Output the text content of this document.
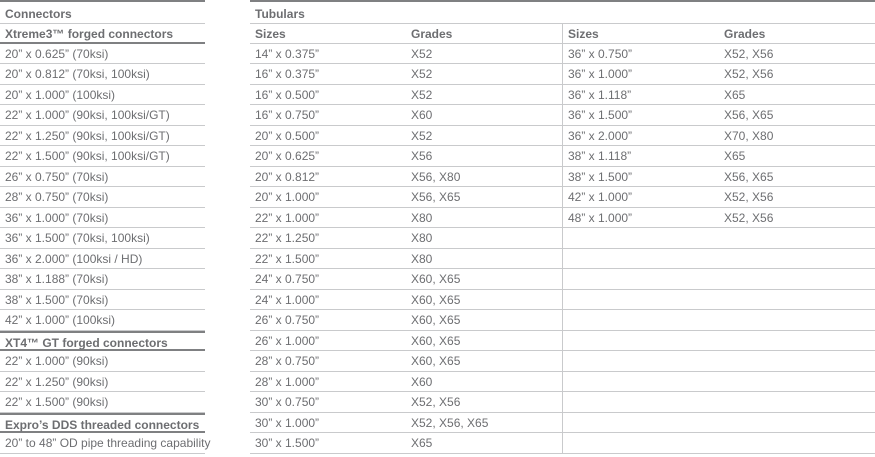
Connectors
Xtreme3™ forged connectors
20” x 0.625” (70ksi)
20” x 0.812” (70ksi, 100ksi)
20” x 1.000” (100ksi)
22” x 1.000” (90ksi, 100ksi/GT)
22” x 1.250” (90ksi, 100ksi/GT)
22” x 1.500” (90ksi, 100ksi/GT)
26” x 0.750” (70ksi)
28” x 0.750” (70ksi)
36” x 1.000” (70ksi)
36” x 1.500” (70ksi, 100ksi)
36” x 2.000” (100ksi / HD)
38” x 1.188” (70ksi)
38” x 1.500” (70ksi)
42” x 1.000” (100ksi)
XT4™ GT forged connectors
22” x 1.000” (90ksi)
22” x 1.250” (90ksi)
22” x 1.500” (90ksi)
Expro’s DDS threaded connectors
20” to 48” OD pipe threading capability
Tubulars
Sizes	Grades	Sizes	Grades
14” x 0.375”	X52	36” x 0.750”	X52, X56
16” x 0.375”	X52	36” x 1.000”	X52, X56
16” x 0.500”	X52	36” x 1.118”	X65
16” x 0.750”	X60	36” x 1.500”	X56, X65
20” x 0.500”	X52	36” x 2.000”	X70, X80
20” x 0.625”	X56	38” x 1.118”	X65
20” x 0.812”	X56, X80	38” x 1.500”	X56, X65
20” x 1.000”	X56, X65	42” x 1.000”	X52, X56
22” x 1.000”	X80	48” x 1.000”	X52, X56
22” x 1.250”	X80
22” x 1.500”	X80
24” x 0.750”	X60, X65
24” x 1.000”	X60, X65
26” x 0.750”	X60, X65
26” x 1.000”	X60, X65
28” x 0.750”	X60, X65
28” x 1.000”	X60
30” x 0.750”	X52, X56
30” x 1.000”	X52, X56, X65
30” x 1.500”	X65
